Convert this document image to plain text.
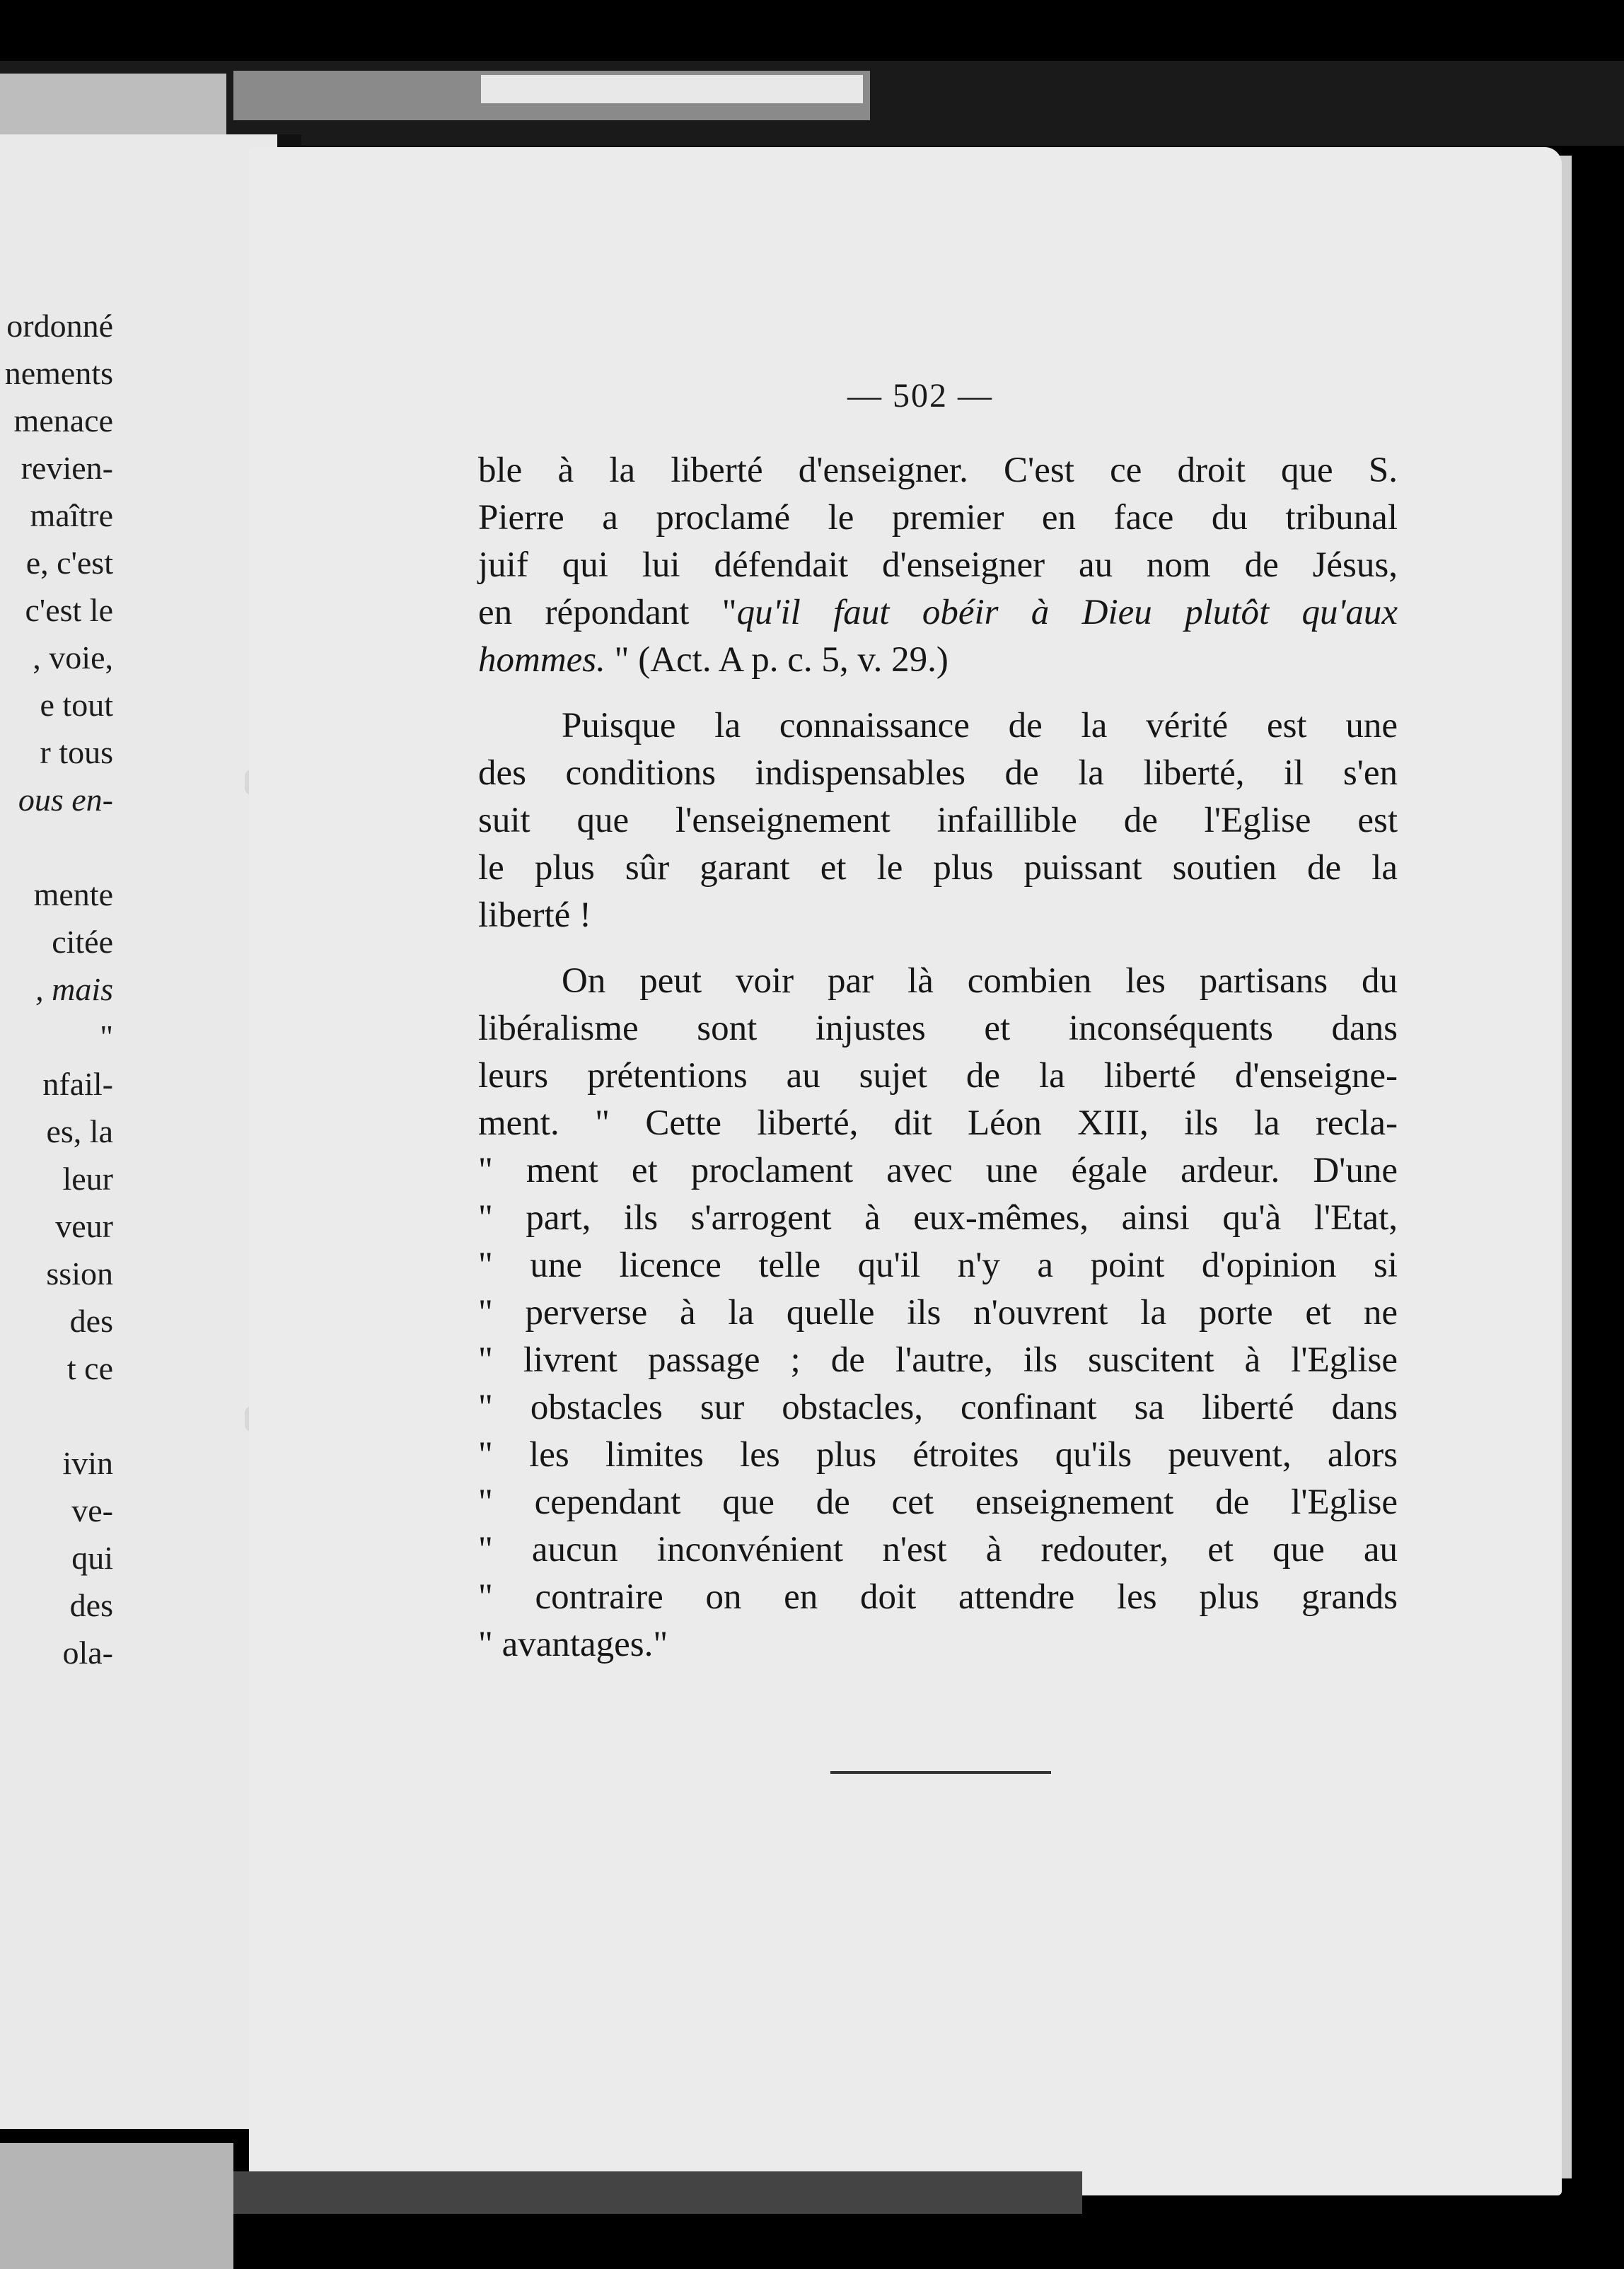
ordonné
nements
menace
revien-
maître
e, c'est
c'est le
, voie,
e tout
r tous
ous en-
mente
citée
, mais
"
nfail-
es, la
leur
veur
ssion
des
t ce
ivin
ve-
qui
des
ola-
— 502 —
ble à la liberté d'enseigner. C'est ce droit que S.
Pierre a proclamé le premier en face du tribunal
juif qui lui défendait d'enseigner au nom de Jésus,
en répondant "qu'il faut obéir à Dieu plutôt qu'aux
hommes. " (Act. A p. c. 5, v. 29.)
Puisque la connaissance de la vérité est une
des conditions indispensables de la liberté, il s'en
suit que l'enseignement infaillible de l'Eglise est
le plus sûr garant et le plus puissant soutien de la
liberté !
On peut voir par là combien les partisans du
libéralisme sont injustes et inconséquents dans
leurs prétentions au sujet de la liberté d'enseigne-
ment. " Cette liberté, dit Léon XIII, ils la recla-
" ment et proclament avec une égale ardeur. D'une
" part, ils s'arrogent à eux-mêmes, ainsi qu'à l'Etat,
" une licence telle qu'il n'y a point d'opinion si
" perverse à la quelle ils n'ouvrent la porte et ne
" livrent passage ; de l'autre, ils suscitent à l'Eglise
" obstacles sur obstacles, confinant sa liberté dans
" les limites les plus étroites qu'ils peuvent, alors
" cependant que de cet enseignement de l'Eglise
" aucun inconvénient n'est à redouter, et que au
" contraire on en doit attendre les plus grands
" avantages."
